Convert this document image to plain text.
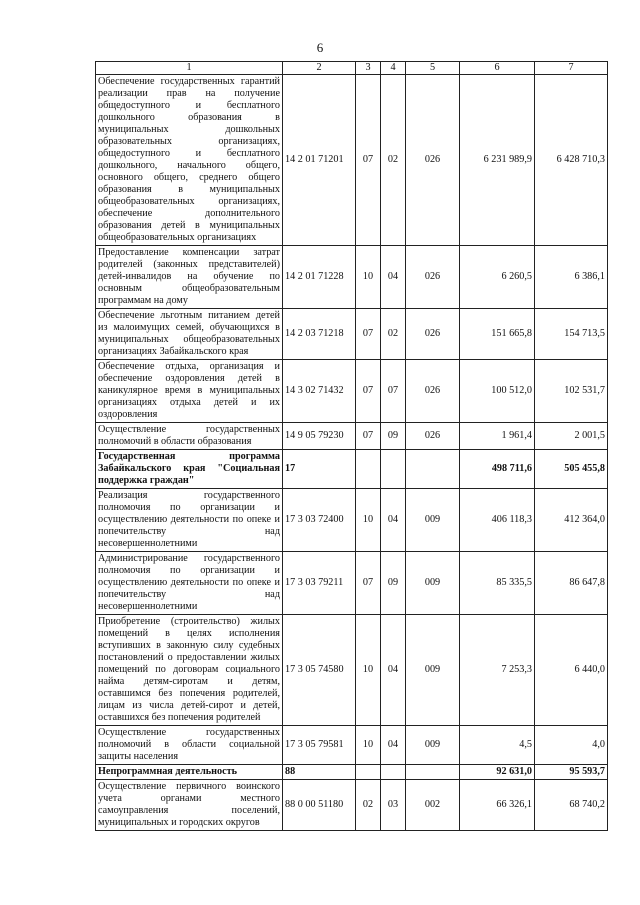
6
1	2	3	4	5	6	7
Обеспечение государственных гарантий реализации прав на получение общедоступного и бесплатного дошкольного образования в муниципальных дошкольных образовательных организациях, общедоступного и бесплатного дошкольного, начального общего, основного общего, среднего общего образования в муниципальных общеобразовательных организациях, обеспечение дополнительного образования детей в муниципальных общеобразовательных организациях	14 2 01 71201	07	02	026	6 231 989,9	6 428 710,3
Предоставление компенсации затрат родителей (законных представителей) детей-инвалидов на обучение по основным общеобразовательным программам на дому	14 2 01 71228	10	04	026	6 260,5	6 386,1
Обеспечение льготным питанием детей из малоимущих семей, обучающихся в муниципальных общеобразовательных организациях Забайкальского края	14 2 03 71218	07	02	026	151 665,8	154 713,5
Обеспечение отдыха, организация и обеспечение оздоровления детей в каникулярное время в муниципальных организациях отдыха детей и их оздоровления	14 3 02 71432	07	07	026	100 512,0	102 531,7
Осуществление государственных полномочий в области образования	14 9 05 79230	07	09	026	1 961,4	2 001,5
Государственная программа Забайкальского края "Социальная поддержка граждан"	17				498 711,6	505 455,8
Реализация государственного полномочия по организации и осуществлению деятельности по опеке и попечительству над несовершеннолетними	17 3 03 72400	10	04	009	406 118,3	412 364,0
Администрирование государственного полномочия по организации и осуществлению деятельности по опеке и попечительству над несовершеннолетними	17 3 03 79211	07	09	009	85 335,5	86 647,8
Приобретение (строительство) жилых помещений в целях исполнения вступивших в законную силу судебных постановлений о предоставлении жилых помещений по договорам социального найма детям-сиротам и детям, оставшимся без попечения родителей, лицам из числа детей-сирот и детей, оставшихся без попечения родителей	17 3 05 74580	10	04	009	7 253,3	6 440,0
Осуществление государственных полномочий в области социальной защиты населения	17 3 05 79581	10	04	009	4,5	4,0
Непрограммная деятельность	88				92 631,0	95 593,7
Осуществление первичного воинского учета органами местного самоуправления поселений, муниципальных и городских округов	88 0 00 51180	02	03	002	66 326,1	68 740,2
